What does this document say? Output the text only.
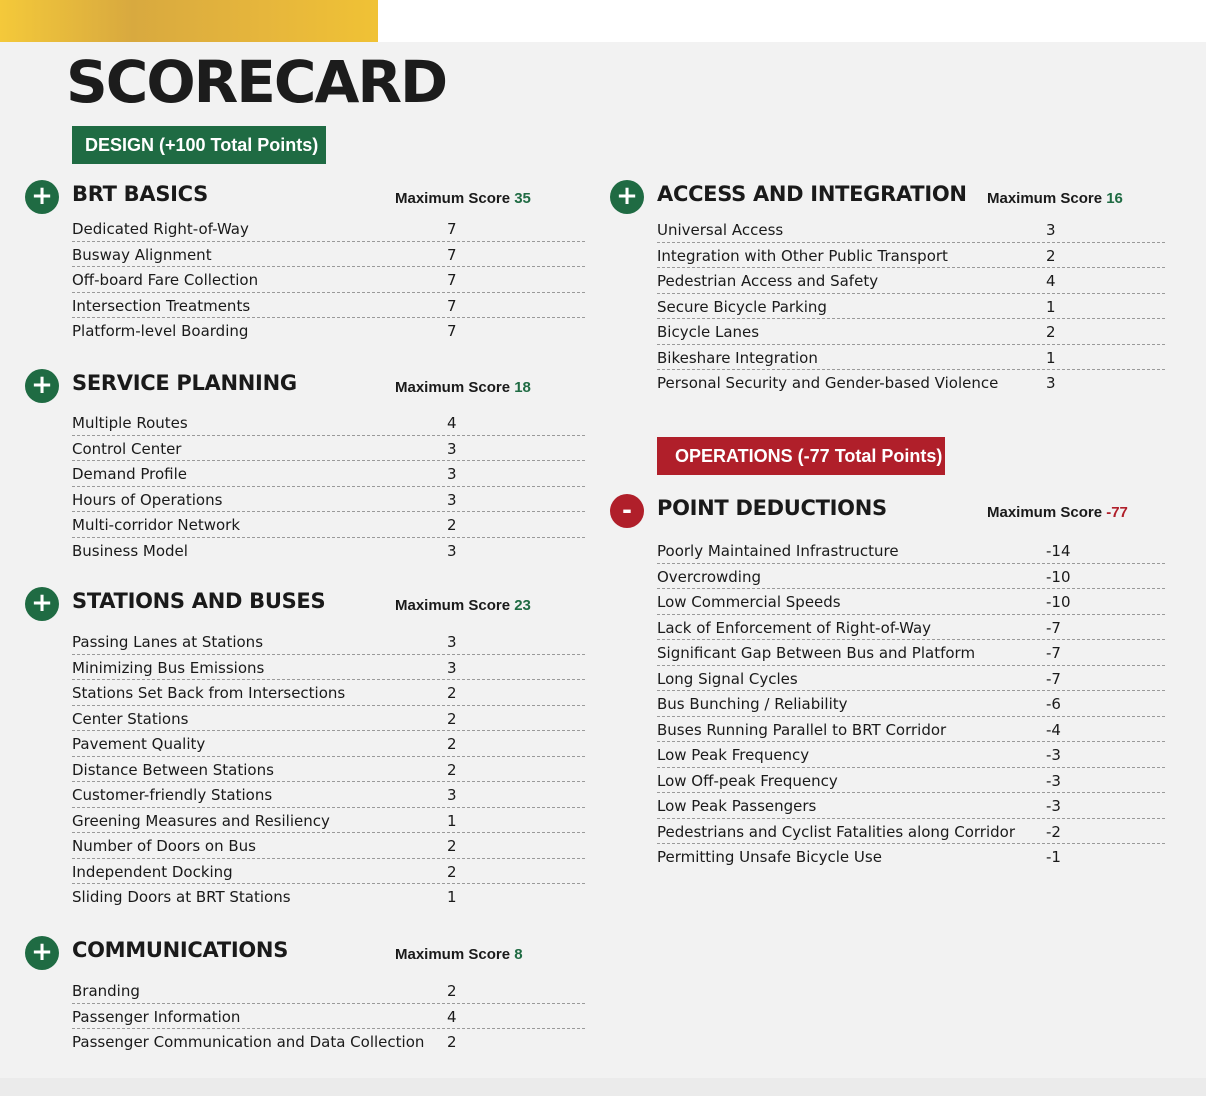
SCORECARD
DESIGN (+100 Total Points)
OPERATIONS (-77 Total Points)
+ BRT BASICS	Maximum Score 35
Dedicated Right-of-Way	7
Busway Alignment	7
Off-board Fare Collection	7
Intersection Treatments	7
Platform-level Boarding	7
+ SERVICE PLANNING	Maximum Score 18
Multiple Routes	4
Control Center	3
Demand Profile	3
Hours of Operations	3
Multi-corridor Network	2
Business Model	3
+ STATIONS AND BUSES	Maximum Score 23
Passing Lanes at Stations	3
Minimizing Bus Emissions	3
Stations Set Back from Intersections	2
Center Stations	2
Pavement Quality	2
Distance Between Stations	2
Customer-friendly Stations	3
Greening Measures and Resiliency	1
Number of Doors on Bus	2
Independent Docking	2
Sliding Doors at BRT Stations	1
+ COMMUNICATIONS	Maximum Score 8
Branding	2
Passenger Information	4
Passenger Communication and Data Collection 2
+ ACCESS AND INTEGRATION Maximum Score 16
Universal Access	3
Integration with Other Public Transport	2
Pedestrian Access and Safety	4
Secure Bicycle Parking	1
Bicycle Lanes	2
Bikeshare Integration	1
Personal Security and Gender-based Violence	3
-	POINT DEDUCTIONS	Maximum Score -77
Poorly Maintained Infrastructure	-14
Overcrowding	-10
Low Commercial Speeds	-10
Lack of Enforcement of Right-of-Way	-7
Significant Gap Between Bus and Platform	-7
Long Signal Cycles	-7
Bus Bunching / Reliability	-6
Buses Running Parallel to BRT Corridor	-4
Low Peak Frequency	-3
Low Off-peak Frequency	-3
Low Peak Passengers	-3
Pedestrians and Cyclist Fatalities along Corridor -2
Permitting Unsafe Bicycle Use	-1
